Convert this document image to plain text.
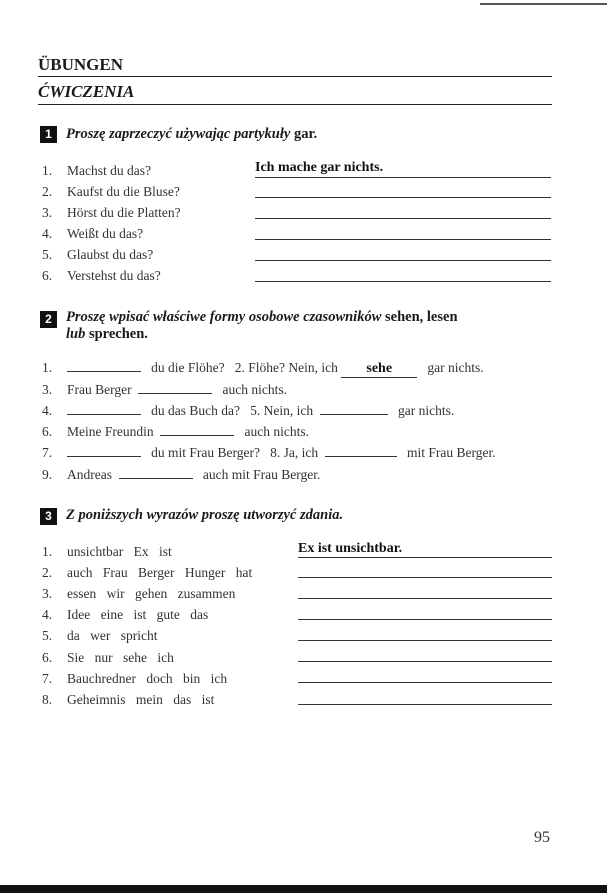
ÜBUNGEN
ĆWICZENIA
1 Proszę zaprzeczyć używając partykuły gar.
1. Machst du das?	Ich mache gar nichts.
2. Kaufst du die Bluse?
3. Hörst du die Platten?
4. Weißt du das?
5. Glaubst du das?
6. Verstehst du das?
2 Proszę wpisać właściwe formy osobowe czasowników sehen, lesen
lub sprechen.
1.	du die Flöhe? 2. Flöhe? Nein, ich sehe	gar nichts.
3. Frau Berger	auch nichts.
4.	du das Buch da? 5. Nein, ich	gar nichts.
6. Meine Freundin	auch nichts.
7.	du mit Frau Berger? 8. Ja, ich	mit Frau Berger.
9. Andreas	auch mit Frau Berger.
3 Z poniższych wyrazów proszę utworzyć zdania.
1. unsichtbar Ex ist	Ex ist unsichtbar.
2. auch Frau Berger Hunger hat
3. essen wir gehen zusammen
4. Idee eine ist gute das
5. da wer spricht
6. Sie nur sehe ich
7. Bauchredner doch bin ich
8. Geheimnis mein das ist
95
